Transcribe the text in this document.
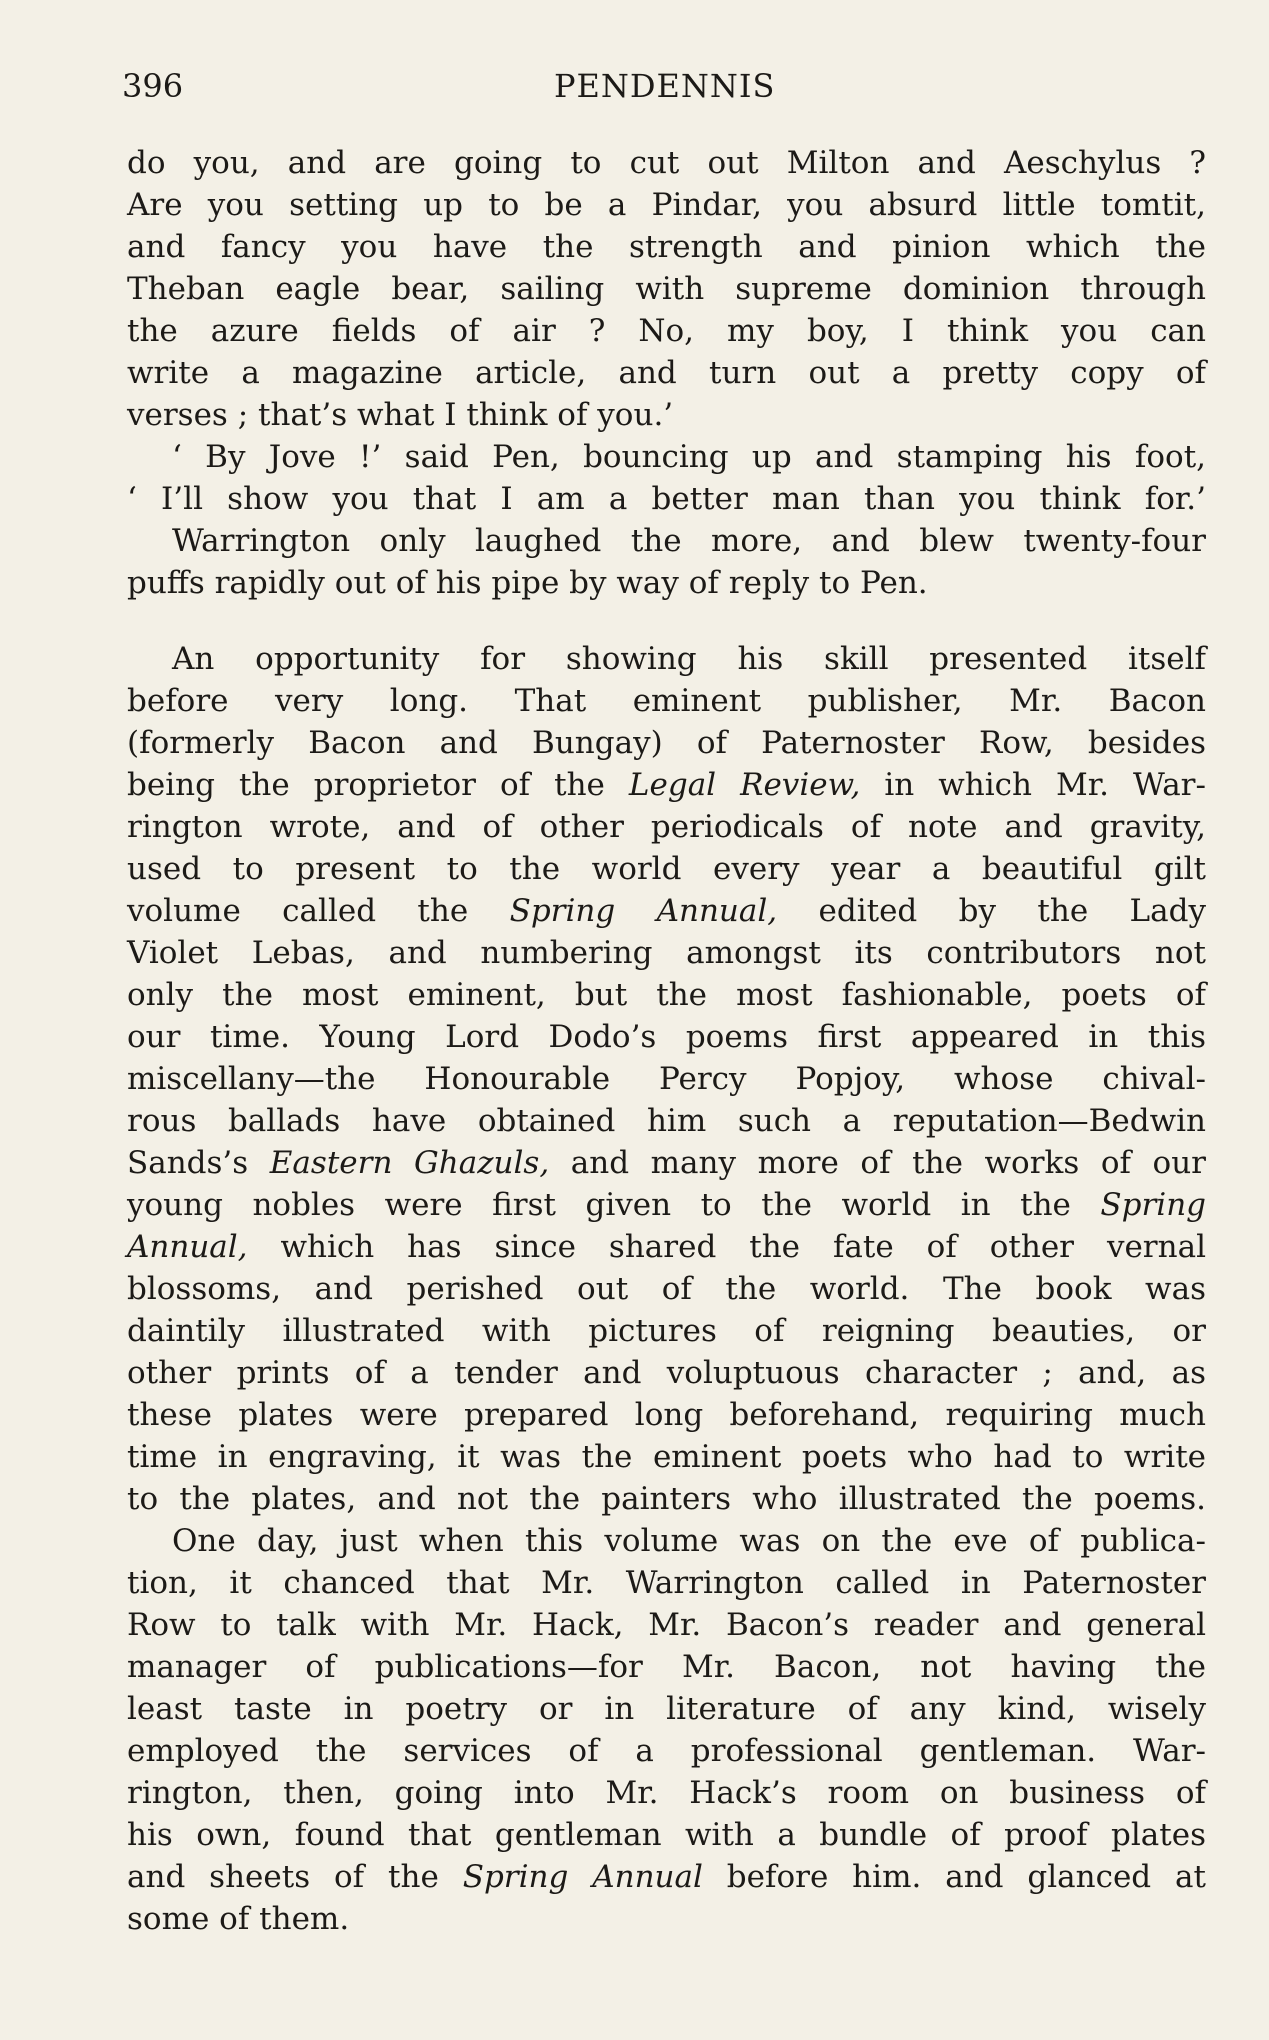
396	PENDENNIS
do you, and are going to cut out Milton and Aeschylus ?
Are you setting up to be a Pindar, you absurd little tomtit,
and fancy you have the strength and pinion which the
Theban eagle bear, sailing with supreme dominion through
the azure fields of air ? No, my boy, I think you can
write a magazine article, and turn out a pretty copy of
verses ; that’s what I think of you.’
‘ By Jove !’ said Pen, bouncing up and stamping his foot,
‘ I’ll show you that I am a better man than you think for.’
Warrington only laughed the more, and blew twenty-four
puffs rapidly out of his pipe by way of reply to Pen.
An opportunity for showing his skill presented itself
before very long. That eminent publisher, Mr. Bacon
(formerly Bacon and Bungay) of Paternoster Row, besides
being the proprietor of the Legal Review, in which Mr. War-
rington wrote, and of other periodicals of note and gravity,
used to present to the world every year a beautiful gilt
volume called the Spring Annual, edited by the Lady
Violet Lebas, and numbering amongst its contributors not
only the most eminent, but the most fashionable, poets of
our time. Young Lord Dodo’s poems first appeared in this
miscellany—the Honourable Percy Popjoy, whose chival-
rous ballads have obtained him such a reputation—Bedwin
Sands’s Eastern Ghazuls, and many more of the works of our
young nobles were first given to the world in the Spring
Annual, which has since shared the fate of other vernal
blossoms, and perished out of the world. The book was
daintily illustrated with pictures of reigning beauties, or
other prints of a tender and voluptuous character ; and, as
these plates were prepared long beforehand, requiring much
time in engraving, it was the eminent poets who had to write
to the plates, and not the painters who illustrated the poems.
One day, just when this volume was on the eve of publica-
tion, it chanced that Mr. Warrington called in Paternoster
Row to talk with Mr. Hack, Mr. Bacon’s reader and general
manager of publications—for Mr. Bacon, not having the
least taste in poetry or in literature of any kind, wisely
employed the services of a professional gentleman. War-
rington, then, going into Mr. Hack’s room on business of
his own, found that gentleman with a bundle of proof plates
and sheets of the Spring Annual before him. and glanced at
some of them.
